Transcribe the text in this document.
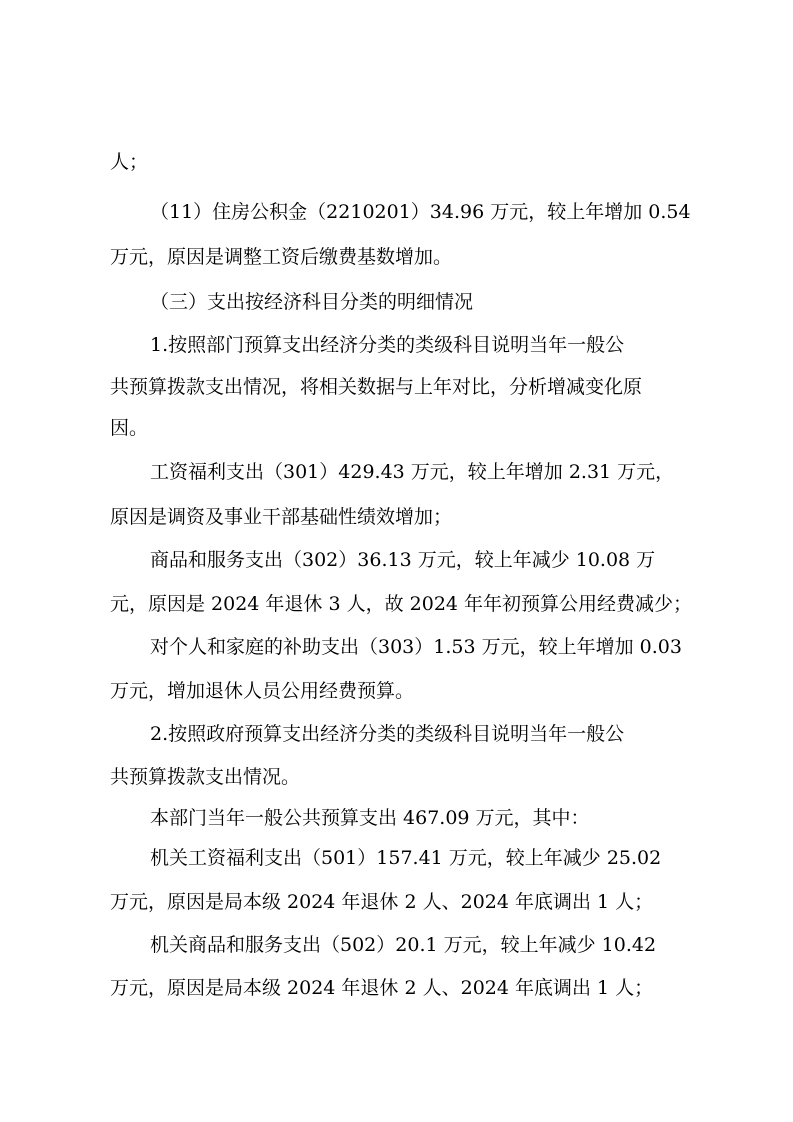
人；

（11）住房公积金（2210201）34.96 万元，较上年增加 0.54

万元，原因是调整工资后缴费基数增加。

（三）支出按经济科目分类的明细情况

1.按照部门预算支出经济分类的类级科目说明当年一般公

共预算拨款支出情况，将相关数据与上年对比，分析增减变化原

因。

工资福利支出（301）429.43 万元，较上年增加 2.31 万元，

原因是调资及事业干部基础性绩效增加；

商品和服务支出（302）36.13 万元，较上年减少 10.08 万

元，原因是 2024 年退休 3 人，故 2024 年年初预算公用经费减少；

对个人和家庭的补助支出（303）1.53 万元，较上年增加 0.03

万元，增加退休人员公用经费预算。

2.按照政府预算支出经济分类的类级科目说明当年一般公

共预算拨款支出情况。

本部门当年一般公共预算支出 467.09 万元，其中：

机关工资福利支出（501）157.41 万元，较上年减少 25.02

万元，原因是局本级 2024 年退休 2 人、2024 年底调出 1 人；

机关商品和服务支出（502）20.1 万元，较上年减少 10.42

万元，原因是局本级 2024 年退休 2 人、2024 年底调出 1 人；
